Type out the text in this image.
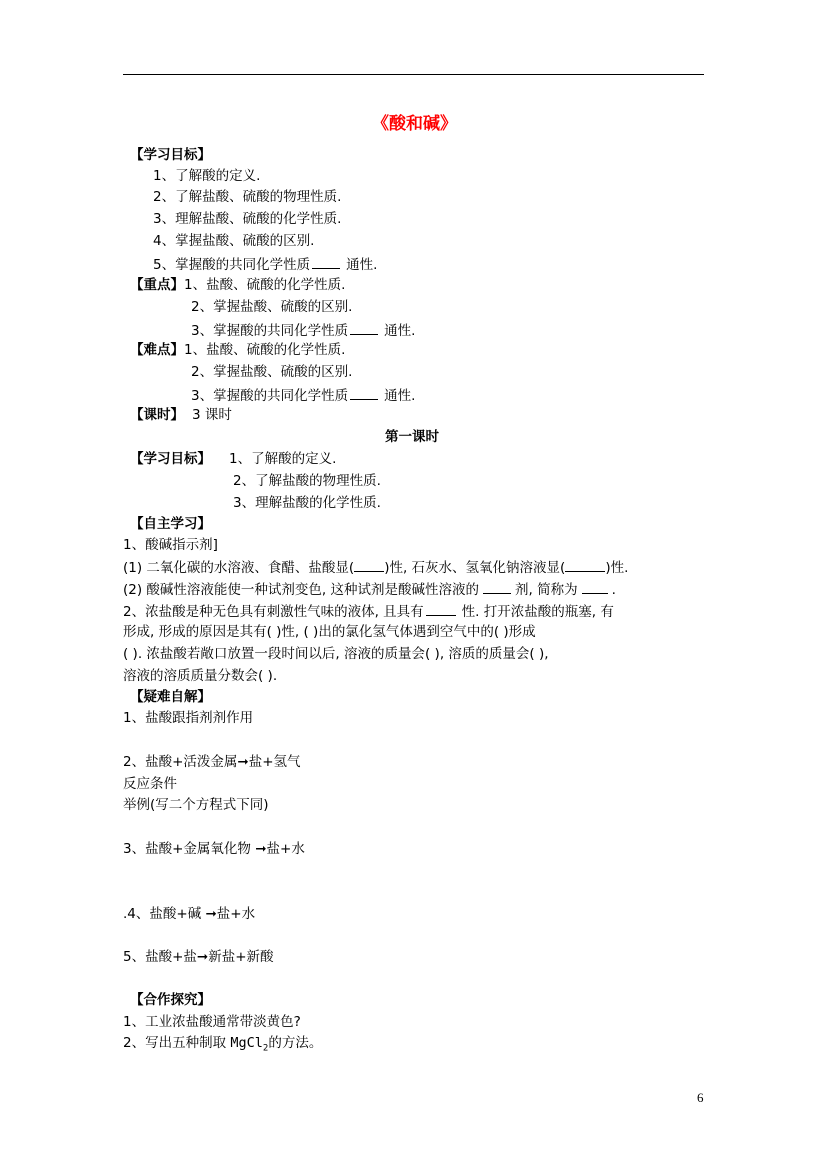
《酸和碱》
【学习目标】
1、了解酸的定义.
2、了解盐酸、硫酸的物理性质.
3、理解盐酸、硫酸的化学性质.
4、掌握盐酸、硫酸的区别.
5、掌握酸的共同化学性质	通性.
【重点】1、盐酸、硫酸的化学性质.
2、掌握盐酸、硫酸的区别.
3、掌握酸的共同化学性质	通性.
【难点】1、盐酸、硫酸的化学性质.
2、掌握盐酸、硫酸的区别.
3、掌握酸的共同化学性质	通性.
【课时】 3 课时
第一课时
【学习目标】 1、了解酸的定义.
2、了解盐酸的物理性质.
3、理解盐酸的化学性质.
【自主学习】
1、酸碱指示剂]
(1) 二氧化碳的水溶液、食醋、盐酸显( )性, 石灰水、氢氧化钠溶液显(	)性.
(2) 酸碱性溶液能使一种试剂变色, 这种试剂是酸碱性溶液的	剂, 简称为	.
2、浓盐酸是种无色具有刺激性气味的液体, 且具有	性. 打开浓盐酸的瓶塞, 有
形成, 形成的原因是其有( )性, ( )出的氯化氢气体遇到空气中的( )形成
( ). 浓盐酸若敞口放置一段时间以后, 溶液的质量会( ), 溶质的质量会( ),
溶液的溶质质量分数会( ).
【疑难自解】
1、盐酸跟指剂剂作用
2、盐酸+活泼金属➞盐+氢气
反应条件
举例(写二个方程式下同)
3、盐酸+金属氧化物 ➞盐+水
.4、盐酸+碱 ➞盐+水
5、盐酸+盐➞新盐+新酸
【合作探究】
1、工业浓盐酸通常带淡黄色?
2、写出五种制取 MgCl$_2$的方法。
6
